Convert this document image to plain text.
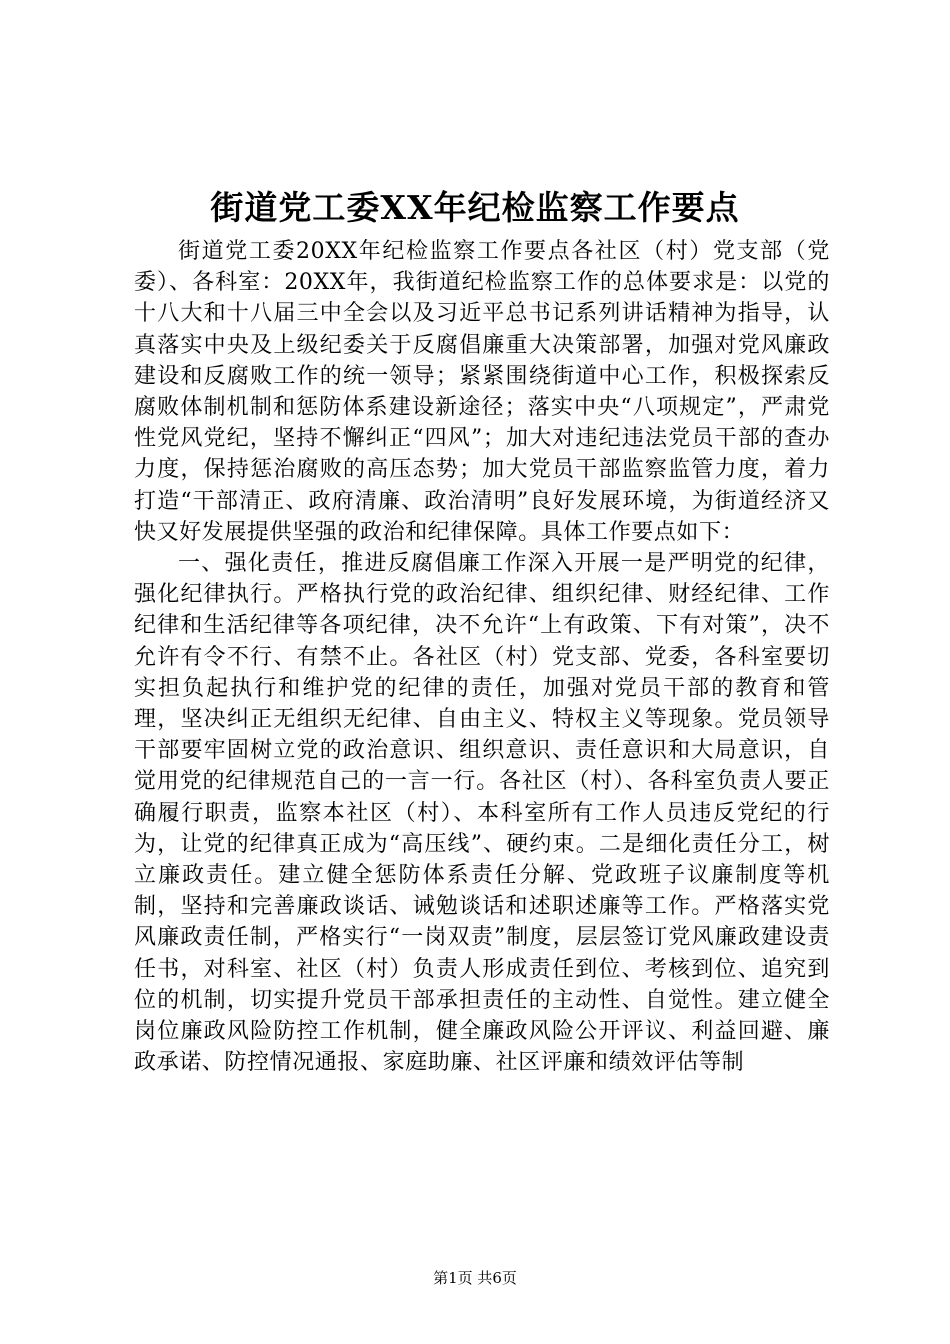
街道党工委XX年纪检监察工作要点

街道党工委20XX年纪检监察工作要点各社区（村）党支部（党委）、各科室：20XX年，我街道纪检监察工作的总体要求是：以党的十八大和十八届三中全会以及习近平总书记系列讲话精神为指导，认真落实中央及上级纪委关于反腐倡廉重大决策部署，加强对党风廉政建设和反腐败工作的统一领导；紧紧围绕街道中心工作，积极探索反腐败体制机制和惩防体系建设新途径；落实中央“八项规定”，严肃党性党风党纪，坚持不懈纠正“四风”；加大对违纪违法党员干部的查办力度，保持惩治腐败的高压态势；加大党员干部监察监管力度，着力打造“干部清正、政府清廉、政治清明”良好发展环境，为街道经济又快又好发展提供坚强的政治和纪律保障。具体工作要点如下：

一、强化责任，推进反腐倡廉工作深入开展一是严明党的纪律，强化纪律执行。严格执行党的政治纪律、组织纪律、财经纪律、工作纪律和生活纪律等各项纪律，决不允许“上有政策、下有对策”，决不允许有令不行、有禁不止。各社区（村）党支部、党委，各科室要切实担负起执行和维护党的纪律的责任，加强对党员干部的教育和管理，坚决纠正无组织无纪律、自由主义、特权主义等现象。党员领导干部要牢固树立党的政治意识、组织意识、责任意识和大局意识，自觉用党的纪律规范自己的一言一行。各社区（村）、各科室负责人要正确履行职责，监察本社区（村）、本科室所有工作人员违反党纪的行为，让党的纪律真正成为“高压线”、硬约束。二是细化责任分工，树立廉政责任。建立健全惩防体系责任分解、党政班子议廉制度等机制，坚持和完善廉政谈话、诫勉谈话和述职述廉等工作。严格落实党风廉政责任制，严格实行“一岗双责”制度，层层签订党风廉政建设责任书，对科室、社区（村）负责人形成责任到位、考核到位、追究到位的机制，切实提升党员干部承担责任的主动性、自觉性。建立健全岗位廉政风险防控工作机制，健全廉政风险公开评议、利益回避、廉政承诺、防控情况通报、家庭助廉、社区评廉和绩效评估等制

第1页 共6页
